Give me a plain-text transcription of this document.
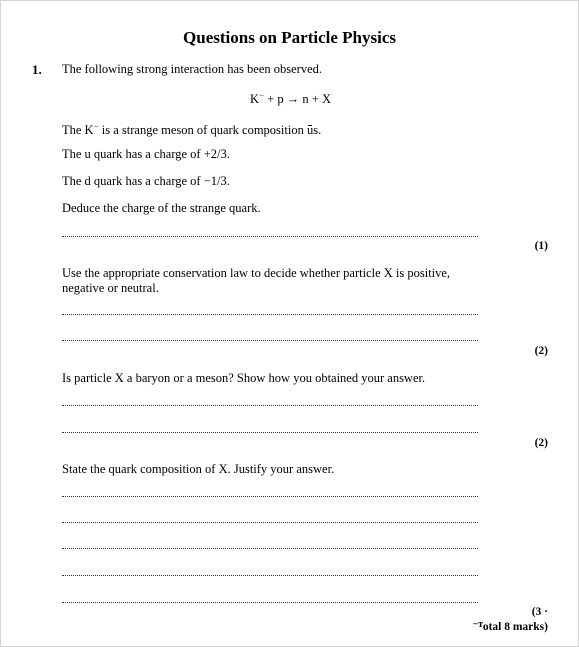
Questions on Particle Physics
1. The following strong interaction has been observed.
K− + p → n + X
The K− is a strange meson of quark composition us.
The u quark has a charge of +2/3.
The d quark has a charge of −1/3.
Deduce the charge of the strange quark.
(1)
Use the appropriate conservation law to decide whether particle X is positive, negative or neutral.
(2)
Is particle X a baryon or a meson? Show how you obtained your answer.
(2)
State the quark composition of X. Justify your answer.
(3 ·
⁻ᵀotal 8 marks)
